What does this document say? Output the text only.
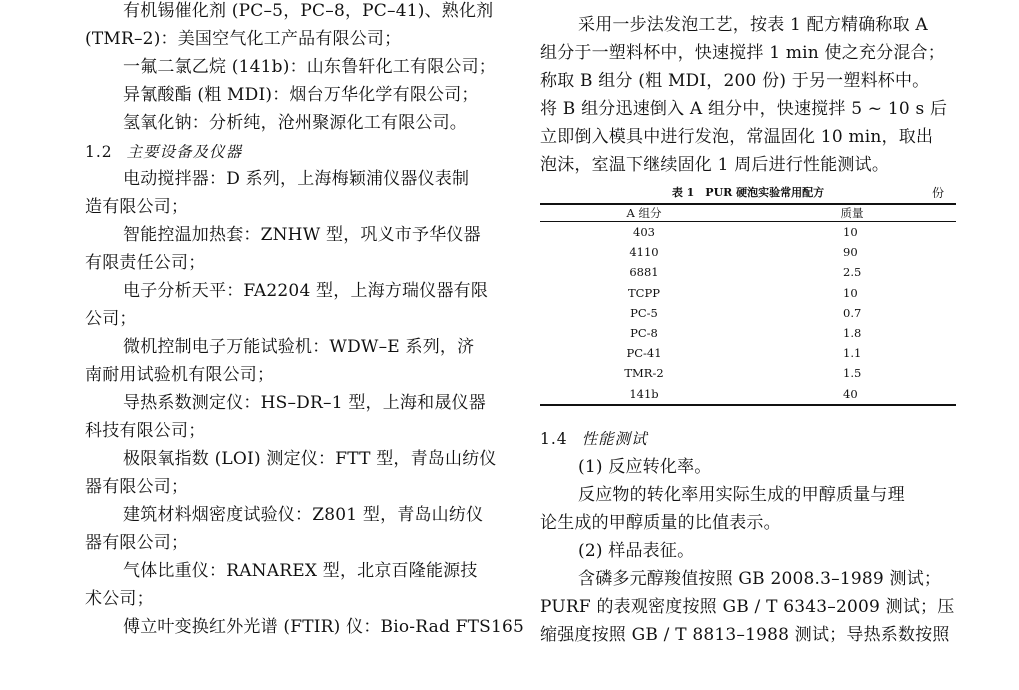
有机锡催化剂 (PC–5，PC–8，PC–41)、熟化剂
(TMR–2)：美国空气化工产品有限公司；
一氟二氯乙烷 (141b)：山东鲁轩化工有限公司；
异氰酸酯 (粗 MDI)：烟台万华化学有限公司；
氢氧化钠：分析纯，沧州聚源化工有限公司。
1.2 主要设备及仪器
电动搅拌器：D 系列，上海梅颖浦仪器仪表制
造有限公司；
智能控温加热套：ZNHW 型，巩义市予华仪器
有限责任公司；
电子分析天平：FA2204 型，上海方瑞仪器有限
公司；
微机控制电子万能试验机：WDW–E 系列，济
南耐用试验机有限公司；
导热系数测定仪：HS–DR–1 型，上海和晟仪器
科技有限公司；
极限氧指数 (LOI) 测定仪：FTT 型，青岛山纺仪
器有限公司；
建筑材料烟密度试验仪：Z801 型，青岛山纺仪
器有限公司；
气体比重仪：RANAREX 型，北京百隆能源技
术公司；
傅立叶变换红外光谱 (FTIR) 仪：Bio-Rad FTS165
采用一步法发泡工艺，按表 1 配方精确称取 A
组分于一塑料杯中，快速搅拌 1 min 使之充分混合；
称取 B 组分 (粗 MDI，200 份) 于另一塑料杯中。
将 B 组分迅速倒入 A 组分中，快速搅拌 5 ~ 10 s 后
立即倒入模具中进行发泡，常温固化 10 min，取出
泡沫，室温下继续固化 1 周后进行性能测试。
表 1　PUR 硬泡实验常用配方	份
A 组分	质量
403	10
4110	90
6881	2.5
TCPP	10
PC-5	0.7
PC-8	1.8
PC-41	1.1
TMR-2	1.5
141b	40
1.4 性能测试
(1) 反应转化率。
反应物的转化率用实际生成的甲醇质量与理
论生成的甲醇质量的比值表示。
(2) 样品表征。
含磷多元醇羧值按照 GB 2008.3–1989 测试；
PURF 的表观密度按照 GB / T 6343–2009 测试；压
缩强度按照 GB / T 8813–1988 测试；导热系数按照
